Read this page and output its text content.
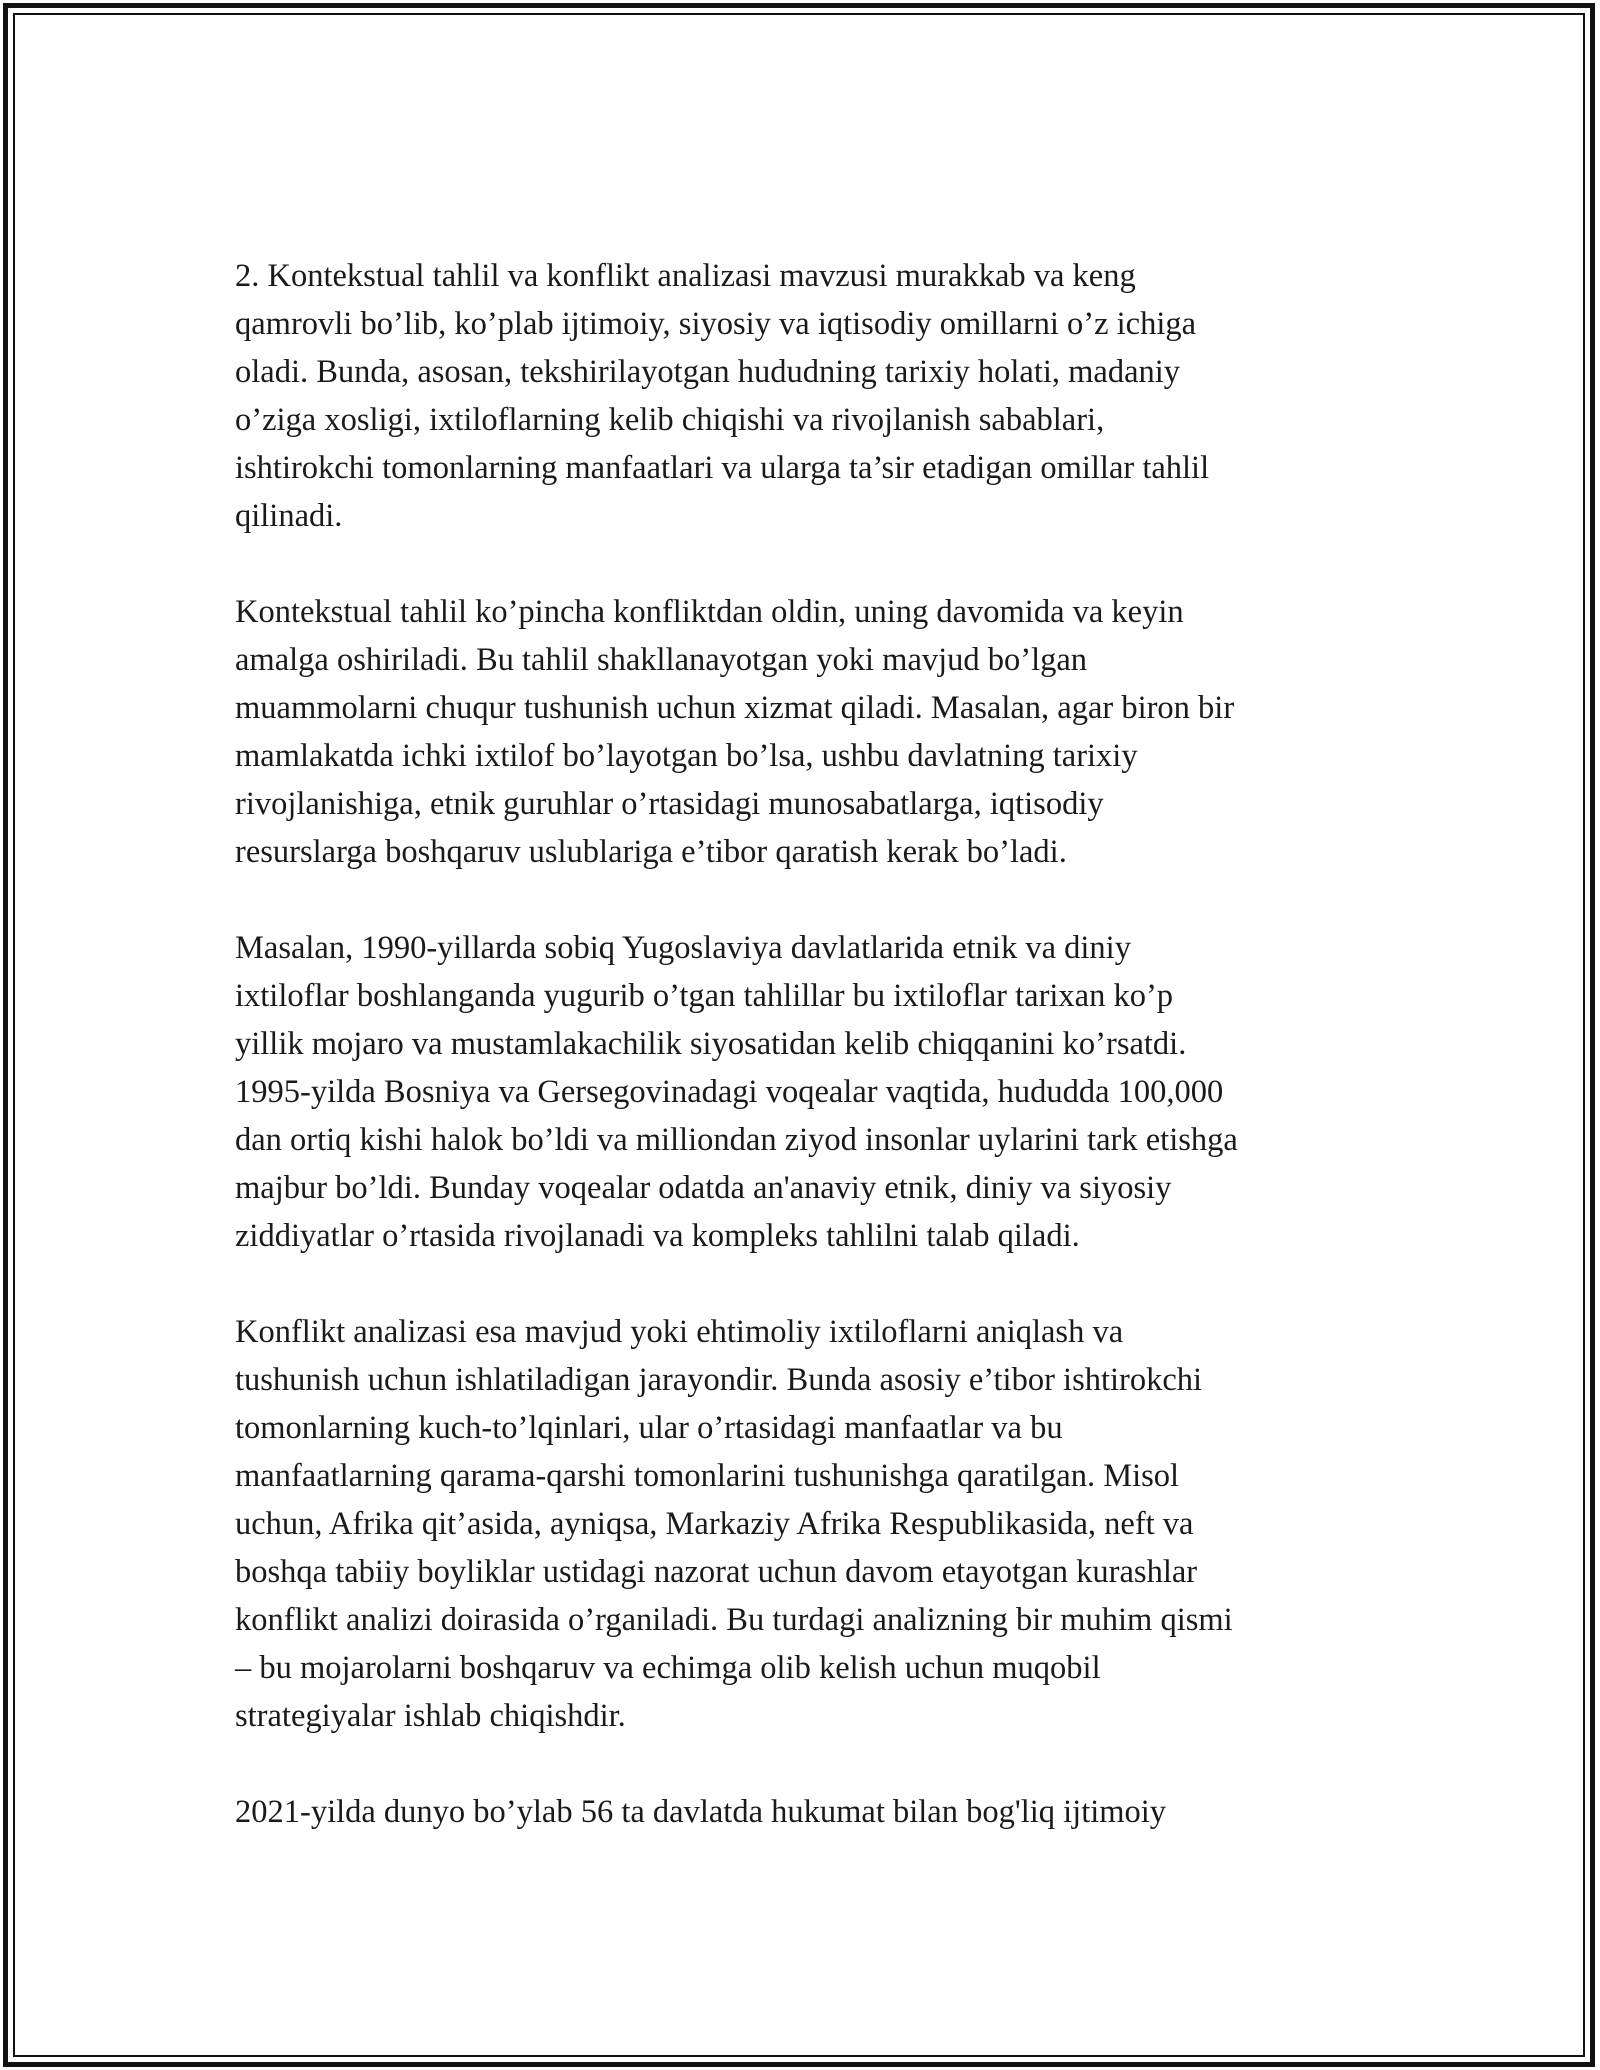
2. Kontekstual tahlil va konflikt analizasi mavzusi murakkab va keng
qamrovli bo’lib, ko’plab ijtimoiy, siyosiy va iqtisodiy omillarni o’z ichiga
oladi. Bunda, asosan, tekshirilayotgan hududning tarixiy holati, madaniy
o’ziga xosligi, ixtiloflarning kelib chiqishi va rivojlanish sabablari,
ishtirokchi tomonlarning manfaatlari va ularga ta’sir etadigan omillar tahlil
qilinadi.

Kontekstual tahlil ko’pincha konfliktdan oldin, uning davomida va keyin
amalga oshiriladi. Bu tahlil shakllanayotgan yoki mavjud bo’lgan
muammolarni chuqur tushunish uchun xizmat qiladi. Masalan, agar biron bir
mamlakatda ichki ixtilof bo’layotgan bo’lsa, ushbu davlatning tarixiy
rivojlanishiga, etnik guruhlar o’rtasidagi munosabatlarga, iqtisodiy
resurslarga boshqaruv uslublariga e’tibor qaratish kerak bo’ladi.

Masalan, 1990-yillarda sobiq Yugoslaviya davlatlarida etnik va diniy
ixtiloflar boshlanganda yugurib o’tgan tahlillar bu ixtiloflar tarixan ko’p
yillik mojaro va mustamlakachilik siyosatidan kelib chiqqanini ko’rsatdi.
1995-yilda Bosniya va Gersegovinadagi voqealar vaqtida, hududda 100,000
dan ortiq kishi halok bo’ldi va milliondan ziyod insonlar uylarini tark etishga
majbur bo’ldi. Bunday voqealar odatda an'anaviy etnik, diniy va siyosiy
ziddiyatlar o’rtasida rivojlanadi va kompleks tahlilni talab qiladi.

Konflikt analizasi esa mavjud yoki ehtimoliy ixtiloflarni aniqlash va
tushunish uchun ishlatiladigan jarayondir. Bunda asosiy e’tibor ishtirokchi
tomonlarning kuch-to’lqinlari, ular o’rtasidagi manfaatlar va bu
manfaatlarning qarama-qarshi tomonlarini tushunishga qaratilgan. Misol
uchun, Afrika qit’asida, ayniqsa, Markaziy Afrika Respublikasida, neft va
boshqa tabiiy boyliklar ustidagi nazorat uchun davom etayotgan kurashlar
konflikt analizi doirasida o’rganiladi. Bu turdagi analizning bir muhim qismi
– bu mojarolarni boshqaruv va echimga olib kelish uchun muqobil
strategiyalar ishlab chiqishdir.

2021-yilda dunyo bo’ylab 56 ta davlatda hukumat bilan bog'liq ijtimoiy
